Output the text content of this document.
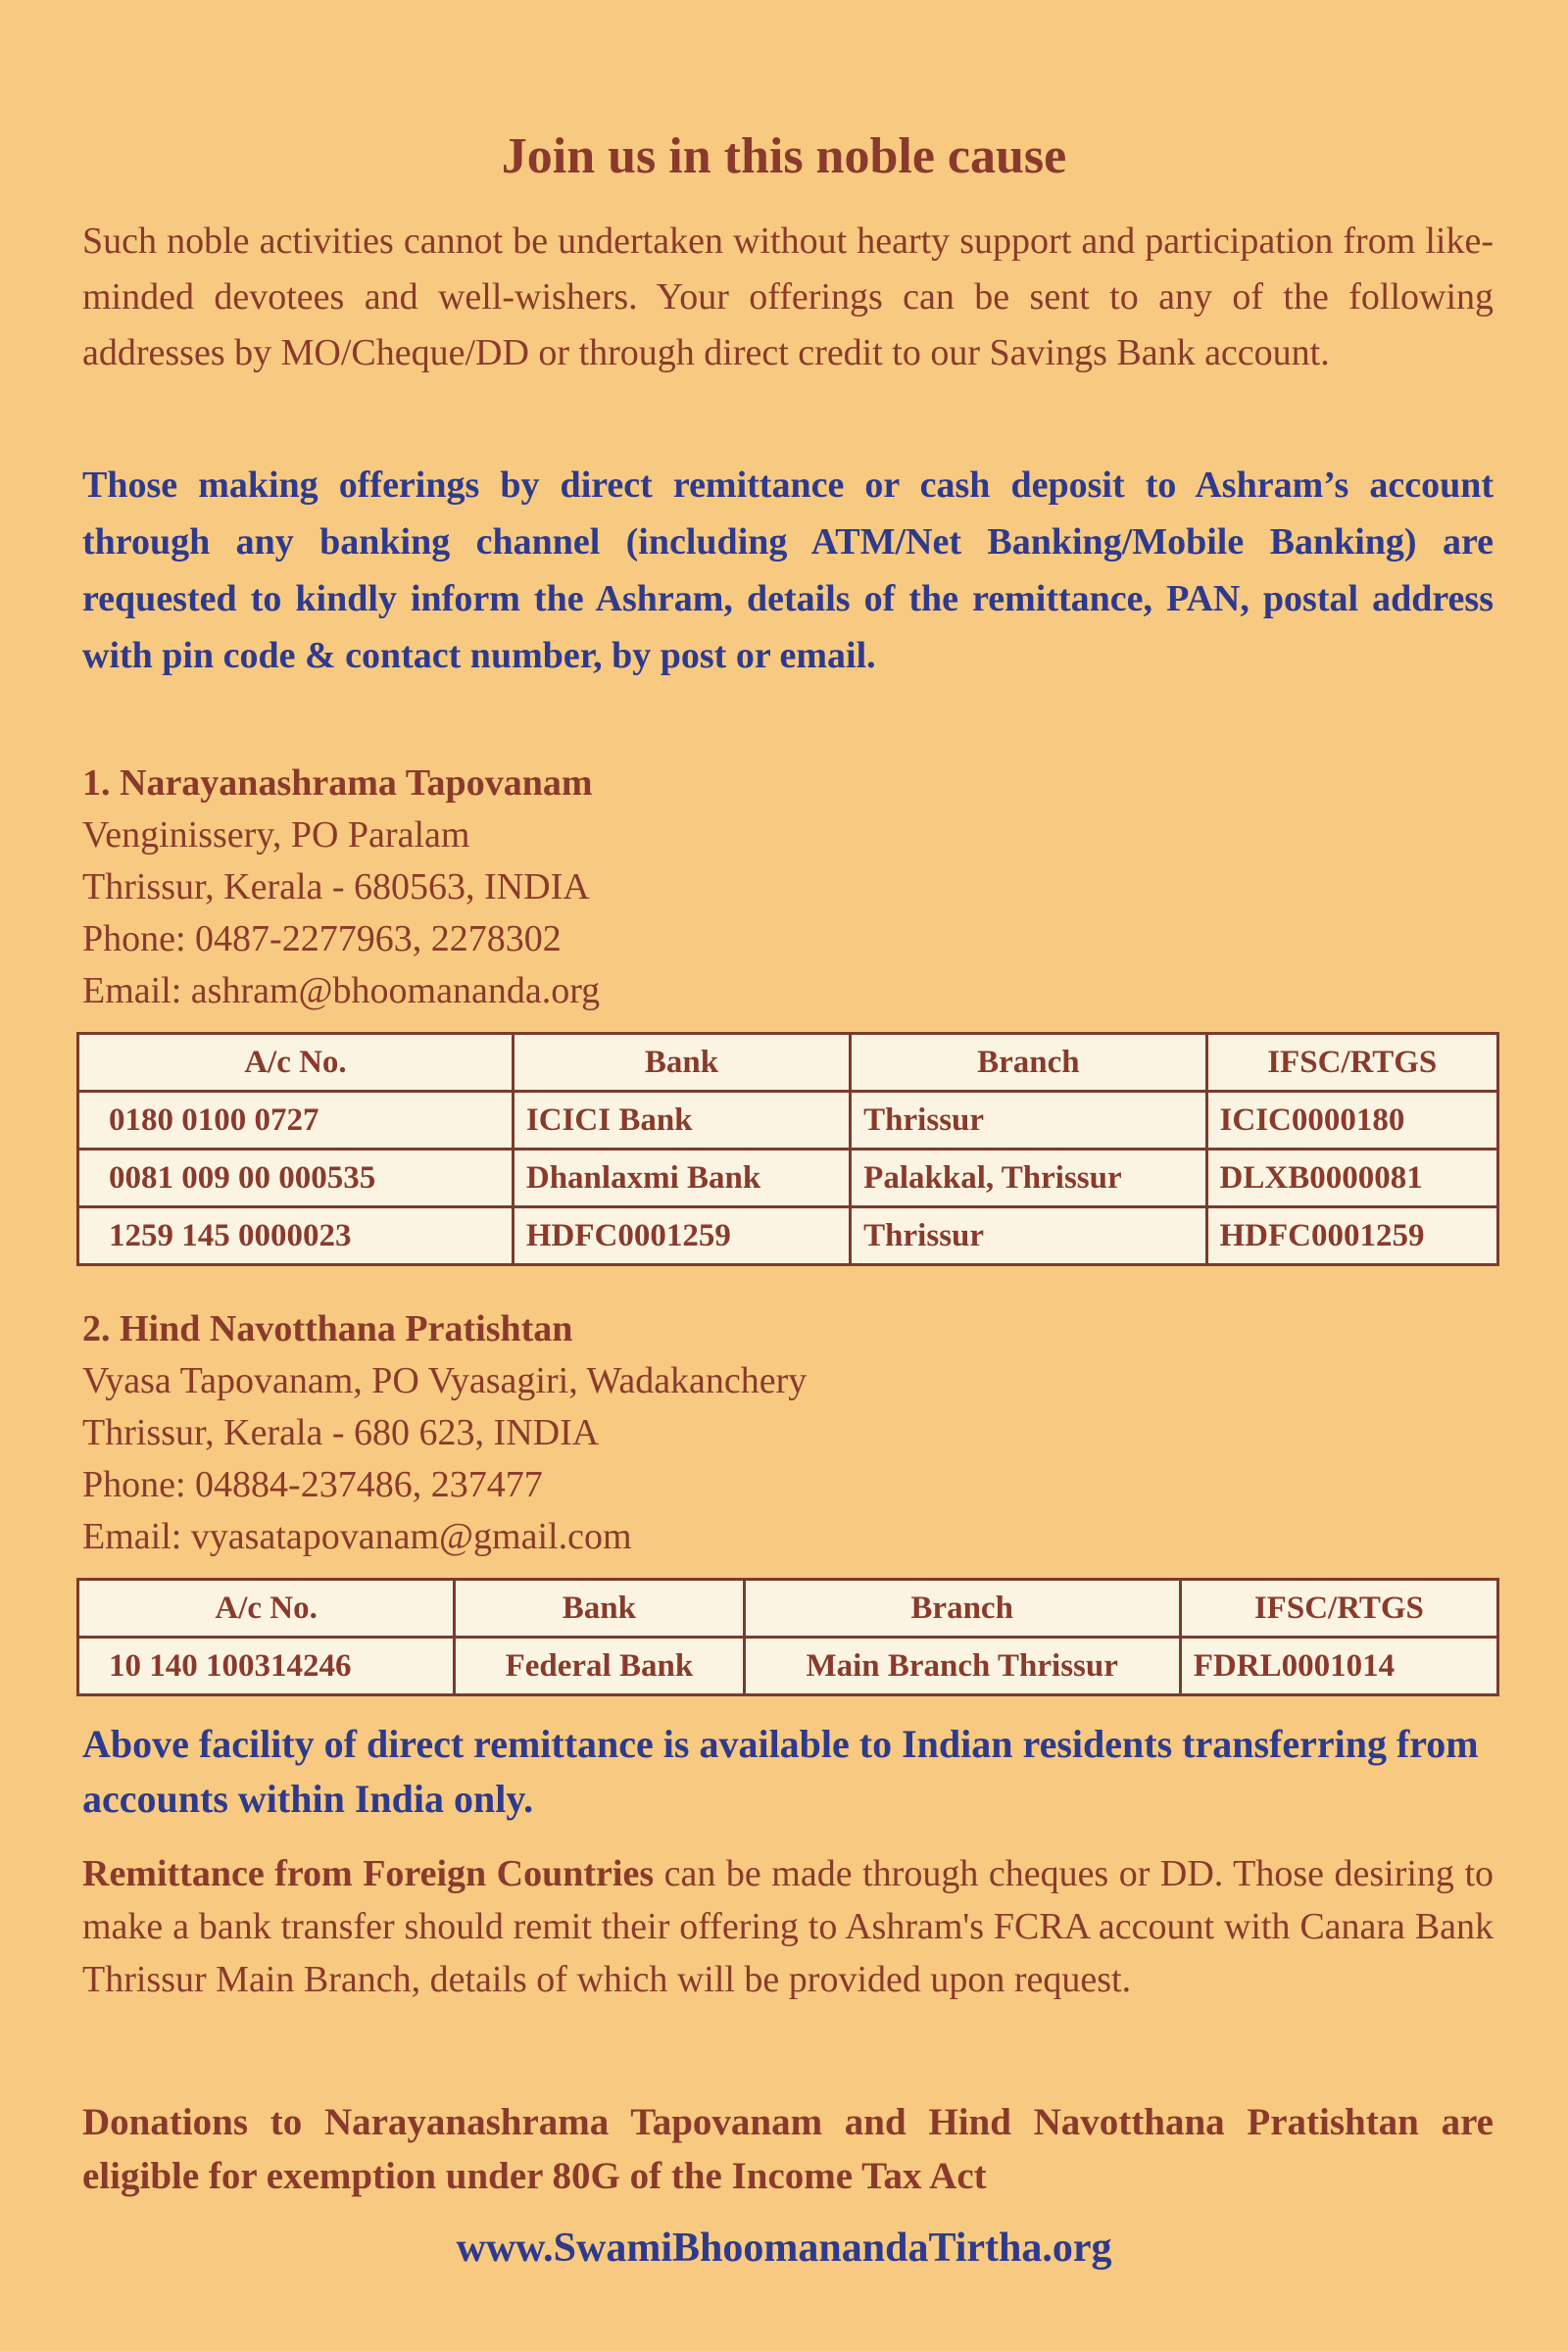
Join us in this noble cause

Such noble activities cannot be undertaken without hearty support and participation from like-minded devotees and well-wishers. Your offerings can be sent to any of the following addresses by MO/Cheque/DD or through direct credit to our Savings Bank account.

Those making offerings by direct remittance or cash deposit to Ashram’s account through any banking channel (including ATM/Net Banking/Mobile Banking) are requested to kindly inform the Ashram, details of the remittance, PAN, postal address with pin code & contact number, by post or email.

1. Narayanashrama Tapovanam
Venginissery, PO Paralam
Thrissur, Kerala - 680563, INDIA
Phone: 0487-2277963, 2278302
Email: ashram@bhoomananda.org
A/c No.	Bank	Branch	IFSC/RTGS
0180 0100 0727	ICICI Bank	Thrissur	ICIC0000180
0081 009 00 000535	Dhanlaxmi Bank	Palakkal, Thrissur	DLXB0000081
1259 145 0000023	HDFC0001259	Thrissur	HDFC0001259
2. Hind Navotthana Pratishtan
Vyasa Tapovanam, PO Vyasagiri, Wadakanchery
Thrissur, Kerala - 680 623, INDIA
Phone: 04884-237486, 237477
Email: vyasatapovanam@gmail.com
A/c No.	Bank	Branch	IFSC/RTGS
10 140 100314246	Federal Bank	Main Branch Thrissur	FDRL0001014

Above facility of direct remittance is available to Indian residents transferring from accounts within India only.

Remittance from Foreign Countries can be made through cheques or DD. Those desiring to make a bank transfer should remit their offering to Ashram's FCRA account with Canara Bank Thrissur Main Branch, details of which will be provided upon request.

Donations to Narayanashrama Tapovanam and Hind Navotthana Pratishtan are eligible for exemption under 80G of the Income Tax Act

www.SwamiBhoomanandaTirtha.org
